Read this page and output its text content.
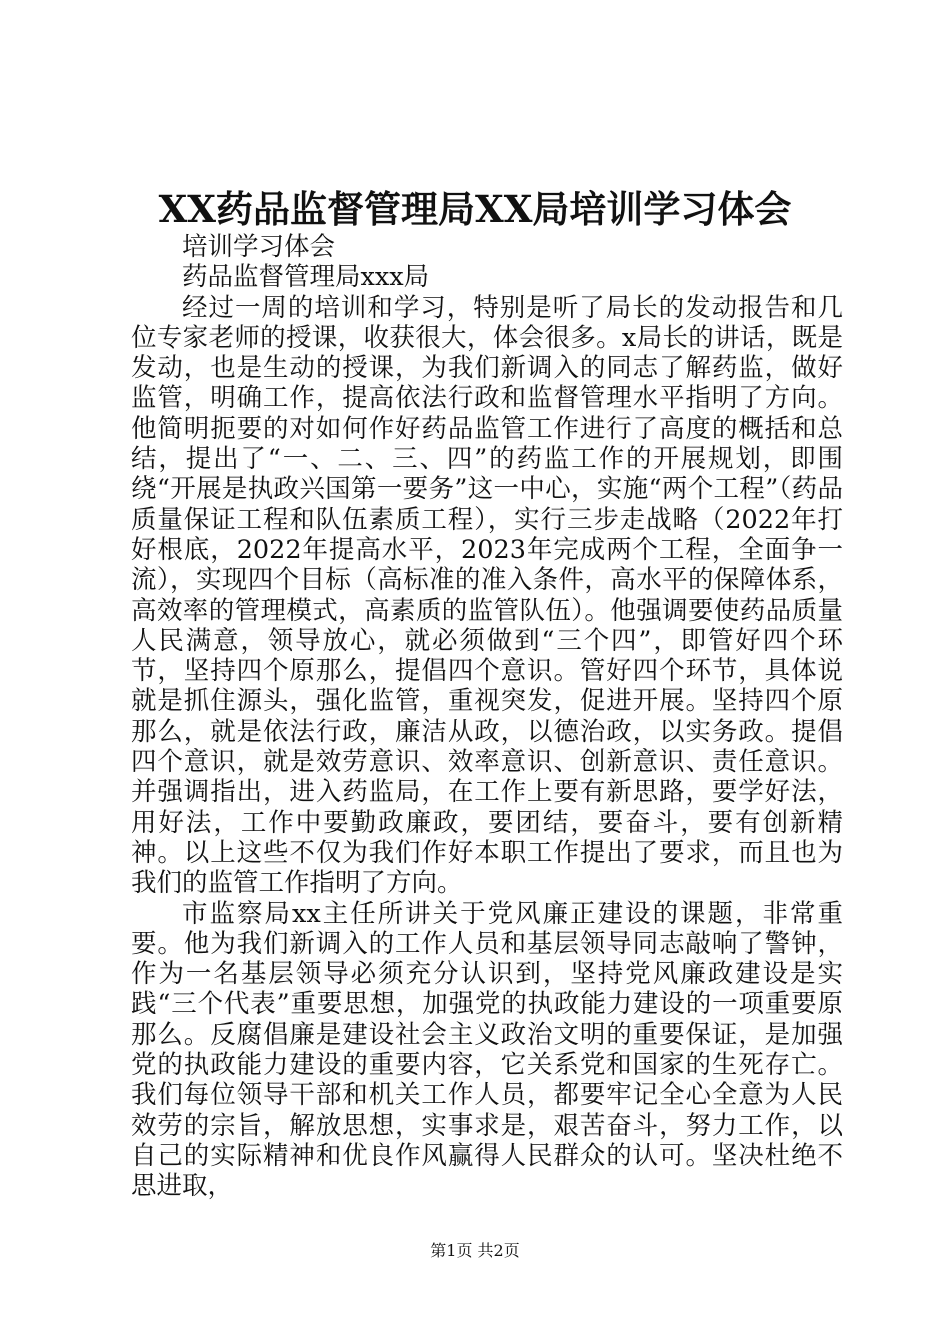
XX药品监督管理局XX局培训学习体会

培训学习体会

药品监督管理局xxx局

经过一周的培训和学习，特别是听了局长的发动报告和几位专家老师的授课，收获很大，体会很多。x局长的讲话，既是发动，也是生动的授课，为我们新调入的同志了解药监，做好监管，明确工作，提高依法行政和监督管理水平指明了方向。他简明扼要的对如何作好药品监管工作进行了高度的概括和总结，提出了“一、二、三、四”的药监工作的开展规划，即围绕“开展是执政兴国第一要务”这一中心，实施“两个工程”（药品质量保证工程和队伍素质工程），实行三步走战略（2022年打好根底，2022年提高水平，2023年完成两个工程，全面争一流），实现四个目标（高标准的准入条件，高水平的保障体系，高效率的管理模式，高素质的监管队伍）。他强调要使药品质量人民满意，领导放心，就必须做到“三个四”，即管好四个环节，坚持四个原那么，提倡四个意识。管好四个环节，具体说就是抓住源头，强化监管，重视突发，促进开展。坚持四个原那么，就是依法行政，廉洁从政，以德治政，以实务政。提倡四个意识，就是效劳意识、效率意识、创新意识、责任意识。并强调指出，进入药监局，在工作上要有新思路，要学好法，用好法，工作中要勤政廉政，要团结，要奋斗，要有创新精神。以上这些不仅为我们作好本职工作提出了要求，而且也为我们的监管工作指明了方向。

市监察局xx主任所讲关于党风廉正建设的课题，非常重要。他为我们新调入的工作人员和基层领导同志敲响了警钟，作为一名基层领导必须充分认识到，坚持党风廉政建设是实践“三个代表”重要思想，加强党的执政能力建设的一项重要原那么。反腐倡廉是建设社会主义政治文明的重要保证，是加强党的执政能力建设的重要内容，它关系党和国家的生死存亡。我们每位领导干部和机关工作人员，都要牢记全心全意为人民效劳的宗旨，解放思想，实事求是，艰苦奋斗，努力工作，以自己的实际精神和优良作风赢得人民群众的认可。坚决杜绝不思进取，

第1页 共2页
